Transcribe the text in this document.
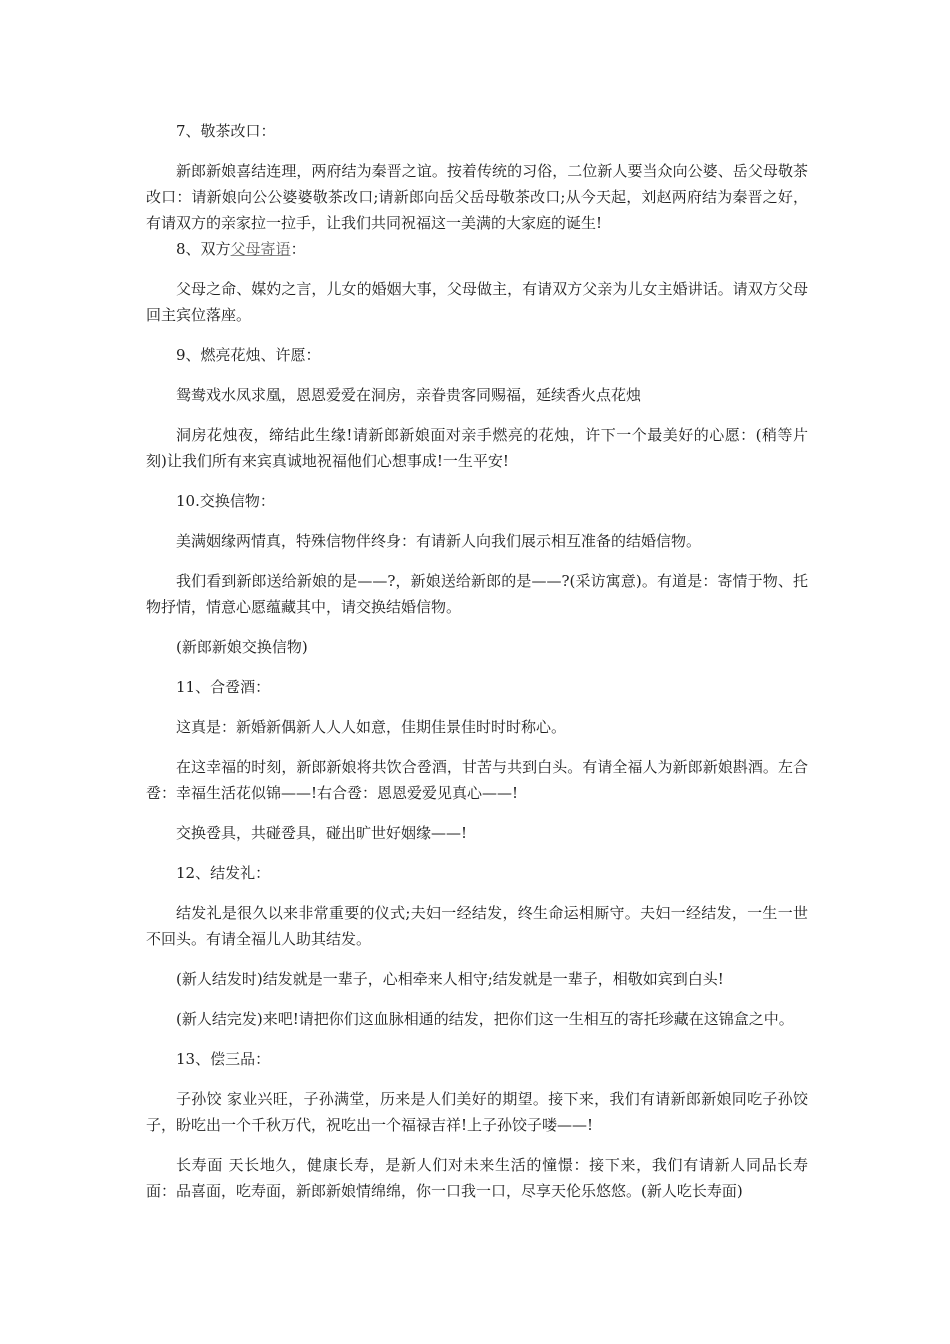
7、敬茶改口：

新郎新娘喜结连理，两府结为秦晋之谊。按着传统的习俗，二位新人要当众向公婆、岳父母敬茶改口：请新娘向公公婆婆敬茶改口;请新郎向岳父岳母敬茶改口;从今天起，刘赵两府结为秦晋之好，有请双方的亲家拉一拉手，让我们共同祝福这一美满的大家庭的诞生!

8、双方父母寄语：

父母之命、媒妁之言，儿女的婚姻大事，父母做主，有请双方父亲为儿女主婚讲话。请双方父母回主宾位落座。

9、燃亮花烛、许愿：

鸳鸯戏水凤求凰，恩恩爱爱在洞房，亲眷贵客同赐福，延续香火点花烛

洞房花烛夜，缔结此生缘!请新郎新娘面对亲手燃亮的花烛，许下一个最美好的心愿：(稍等片刻)让我们所有来宾真诚地祝福他们心想事成!一生平安!

10.交换信物：

美满姻缘两情真，特殊信物伴终身：有请新人向我们展示相互准备的结婚信物。

我们看到新郎送给新娘的是——?，新娘送给新郎的是——?(采访寓意)。有道是：寄情于物、托物抒情，情意心愿蕴藏其中，请交换结婚信物。

(新郎新娘交换信物)

11、合卺酒：

这真是：新婚新偶新人人人如意，佳期佳景佳时时时称心。

在这幸福的时刻，新郎新娘将共饮合卺酒，甘苦与共到白头。有请全福人为新郎新娘斟酒。左合卺：幸福生活花似锦——!右合卺：恩恩爱爱见真心——!

交换卺具，共碰卺具，碰出旷世好姻缘——!

12、结发礼：

结发礼是很久以来非常重要的仪式;夫妇一经结发，终生命运相厮守。夫妇一经结发，一生一世不回头。有请全福儿人助其结发。

(新人结发时)结发就是一辈子，心相牵来人相守;结发就是一辈子，相敬如宾到白头!

(新人结完发)来吧!请把你们这血脉相通的结发，把你们这一生相互的寄托珍藏在这锦盒之中。

13、偿三品：

子孙饺 家业兴旺，子孙满堂，历来是人们美好的期望。接下来，我们有请新郎新娘同吃子孙饺子，盼吃出一个千秋万代，祝吃出一个福禄吉祥!上子孙饺子喽——!

长寿面 天长地久，健康长寿，是新人们对未来生活的憧憬：接下来，我们有请新人同品长寿面：品喜面，吃寿面，新郎新娘情绵绵，你一口我一口，尽享天伦乐悠悠。(新人吃长寿面)
